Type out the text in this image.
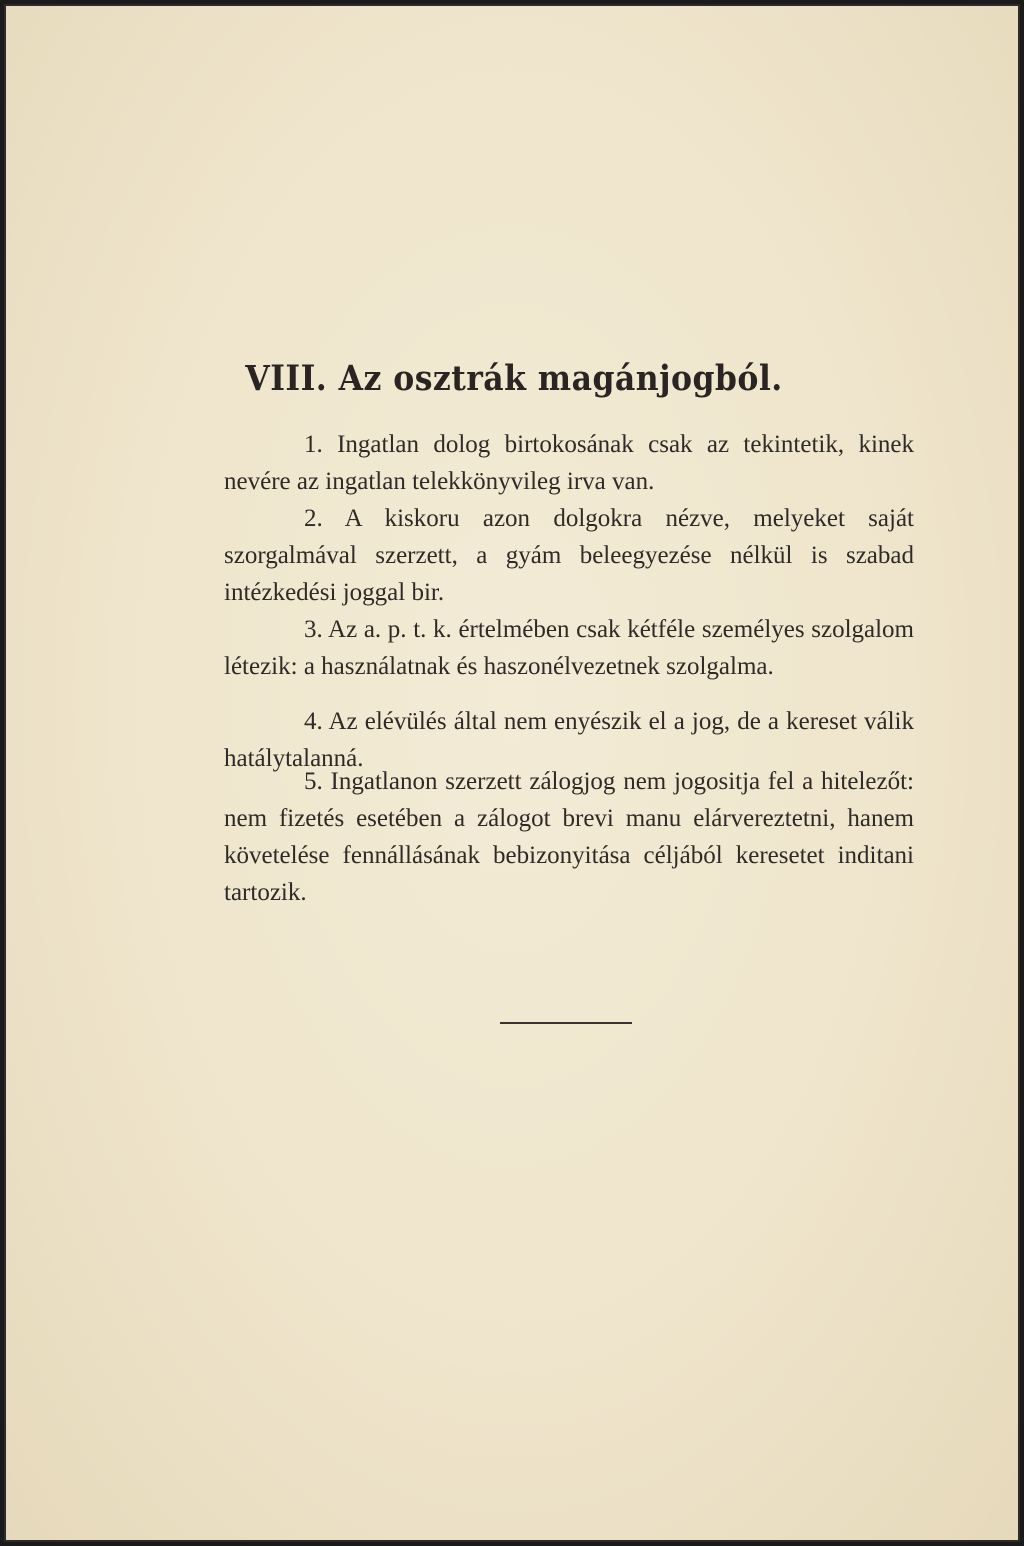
VIII. Az osztrák magánjogból.

1. Ingatlan dolog birtokosának csak az tekintetik, kinek nevére az ingatlan telekkönyvileg irva van.

2. A kiskoru azon dolgokra nézve, melyeket saját szorgalmával szerzett, a gyám beleegyezése nélkül is szabad intézkedési joggal bir.

3. Az a. p. t. k. értelmében csak kétféle személyes szolgalom létezik: a használatnak és haszonélvezetnek szolgalma.

4. Az elévülés által nem enyészik el a jog, de a kereset válik hatálytalanná.

5. Ingatlanon szerzett zálogjog nem jogositja fel a hitelezőt: nem fizetés esetében a zálogot brevi manu elárvereztetni, hanem követelése fennállásának bebizonyitása céljából keresetet inditani tartozik.
